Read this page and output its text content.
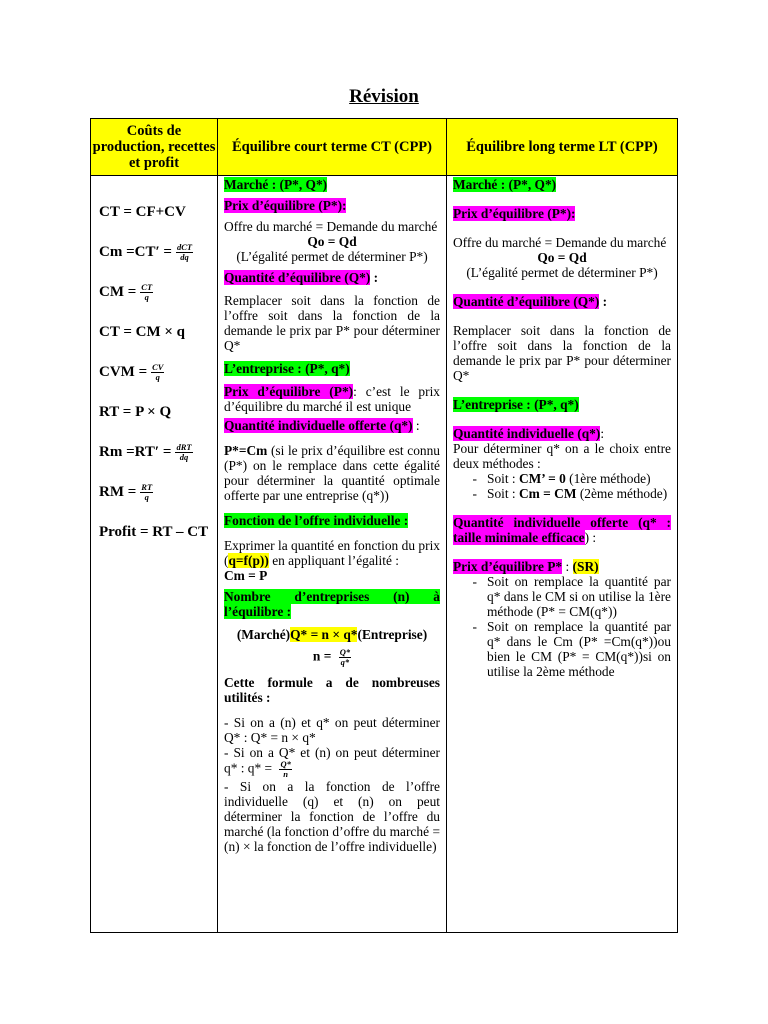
Révision
Coûts de production, recettes et profit
Équilibre court terme CT (CPP)	Équilibre long terme LT (CPP)
CT = CF+CV
$Cm =CT' = \frac{\text{dCT}}{dq}$
CM = $\frac{CT}{q}$
CT = CM × q
CVM = $\frac{CV}{q}$
RT = P × Q
$Rm =RT' = \frac{\text{dRT}}{dq}$
RM = $\frac{RT}{q}$
Profit = RT – CT

Marché : (P*, Q*)

Prix d’équilibre (P*):

Offre du marché = Demande du marché

Qo = Qd

(L’égalité permet de déterminer P*)

Quantité d’équilibre (Q*) :

Remplacer soit dans la fonction de l’offre soit dans la fonction de la demande le prix par P* pour déterminer Q*

L’entreprise : (P*, q*)

Prix d’équilibre (P*): c’est le prix d’équilibre du marché il est unique

Quantité individuelle offerte (q*) :

P*=Cm (si le prix d’équilibre est connu (P*) on le remplace dans cette égalité pour déterminer la quantité optimale offerte par une entreprise (q*))

Fonction de l’offre individuelle :

Exprimer la quantité en fonction du prix (q=f(p)) en appliquant l’égalité :

Cm = P

Nombre d’entreprises (n) à l’équilibre :

(Marché)Q* = n × q*(Entreprise)

$n = \frac{Q*}{q*}$

Cette formule a de nombreuses utilités :

- Si on a (n) et q* on peut déterminer Q* : Q* = n × q*

- Si on a Q* et (n) on peut déterminer q* : $q* = \frac{Q*}{n}$

- Si on a la fonction de l’offre individuelle (q) et (n) on peut déterminer la fonction de l’offre du marché (la fonction d’offre du marché = (n) × la fonction de l’offre individuelle)

Marché : (P*, Q*)

Prix d’équilibre (P*):

Offre du marché = Demande du marché

Qo = Qd

(L’égalité permet de déterminer P*)

Quantité d’équilibre (Q*) :

Remplacer soit dans la fonction de l’offre soit dans la fonction de la demande le prix par P* pour déterminer Q*

L’entreprise : (P*, q*)

Quantité individuelle (q*):

Pour déterminer q* on a le choix entre deux méthodes :

- Soit : CM’ = 0 (1ère méthode)
- Soit : Cm = CM (2ème méthode)

Quantité individuelle offerte (q* : taille minimale efficace) :

Prix d’équilibre P* : (SR)

- Soit on remplace la quantité par q* dans le CM si on utilise la 1ère méthode (P* = CM(q*))
- Soit on remplace la quantité par q* dans le Cm (P* =Cm(q*))ou bien le CM (P* = CM(q*))si on utilise la 2ème méthode
